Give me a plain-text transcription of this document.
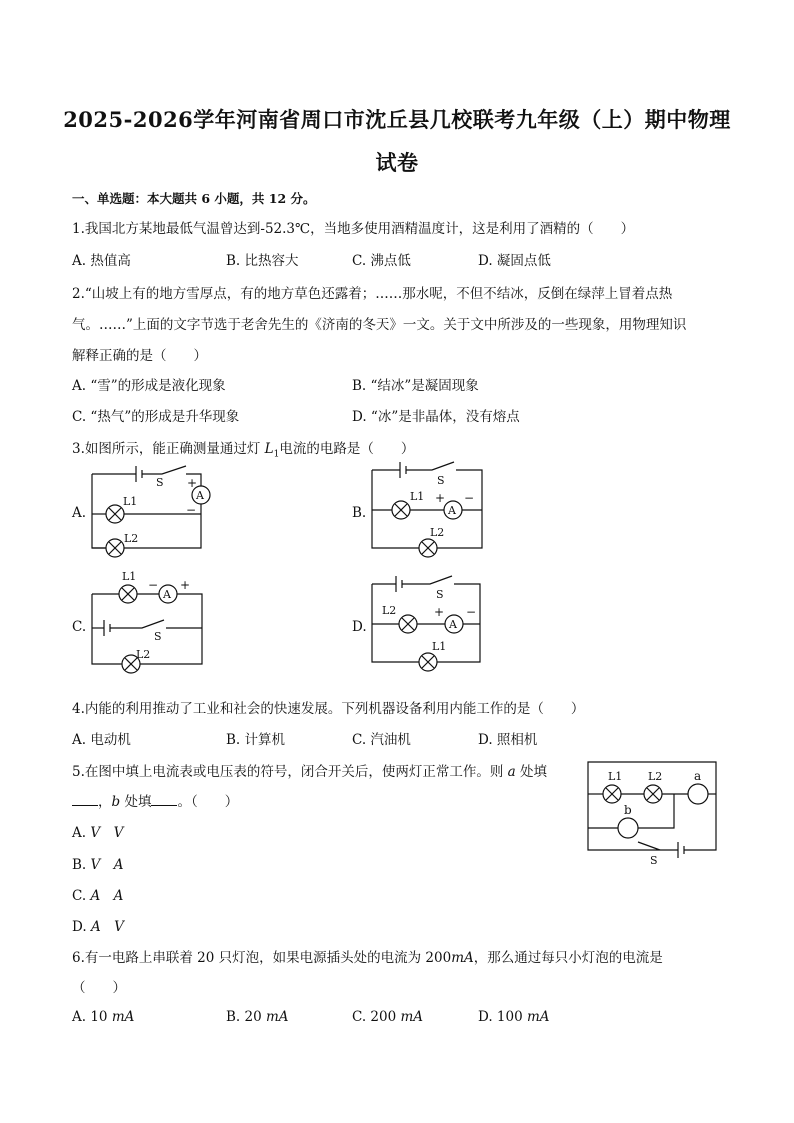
2025-2026学年河南省周口市沈丘县几校联考九年级（上）期中物理
试卷
一、单选题：本大题共 6 小题，共 12 分。
1.我国北方某地最低气温曾达到-52.3℃，当地多使用酒精温度计，这是利用了酒精的（　　）
A. 热值高	B. 比热容大	C. 沸点低	D. 凝固点低
2.“山坡上有的地方雪厚点，有的地方草色还露着；……那水呢，不但不结冰，反倒在绿萍上冒着点热
气。……”上面的文字节选于老舍先生的《济南的冬天》一文。关于文中所涉及的一些现象，用物理知识
解释正确的是（　　）
A. “雪”的形成是液化现象	B. “结冰”是凝固现象
C. “热气”的形成是升华现象	D. “冰”是非晶体，没有熔点
3.如图所示，能正确测量通过灯 $L_1$电流的电路是（　　）
A.
A
S +
−
L1
L2
B.	A
S
+ −
L1
L2
C.
A
S
+
−
L1
L2
D.	A
S
+ −
L2
L1
4.内能的利用推动了工业和社会的快速发展。下列机器设备利用内能工作的是（　　）
A. 电动机	B. 计算机	C. 汽油机	D. 照相机
5.在图中填上电流表或电压表的符号，闭合开关后，使两灯正常工作。则 a 处填
，b 处填 。（　　）
A. V　V
B. V　A
C. A　A
D. A　V
L1 L2	a
b
S
6.有一电路上串联着 20 只灯泡，如果电源插头处的电流为 200mA，那么通过每只小灯泡的电流是
（　　）
A. 10 mA	B. 20 mA	C. 200 mA	D. 100 mA
